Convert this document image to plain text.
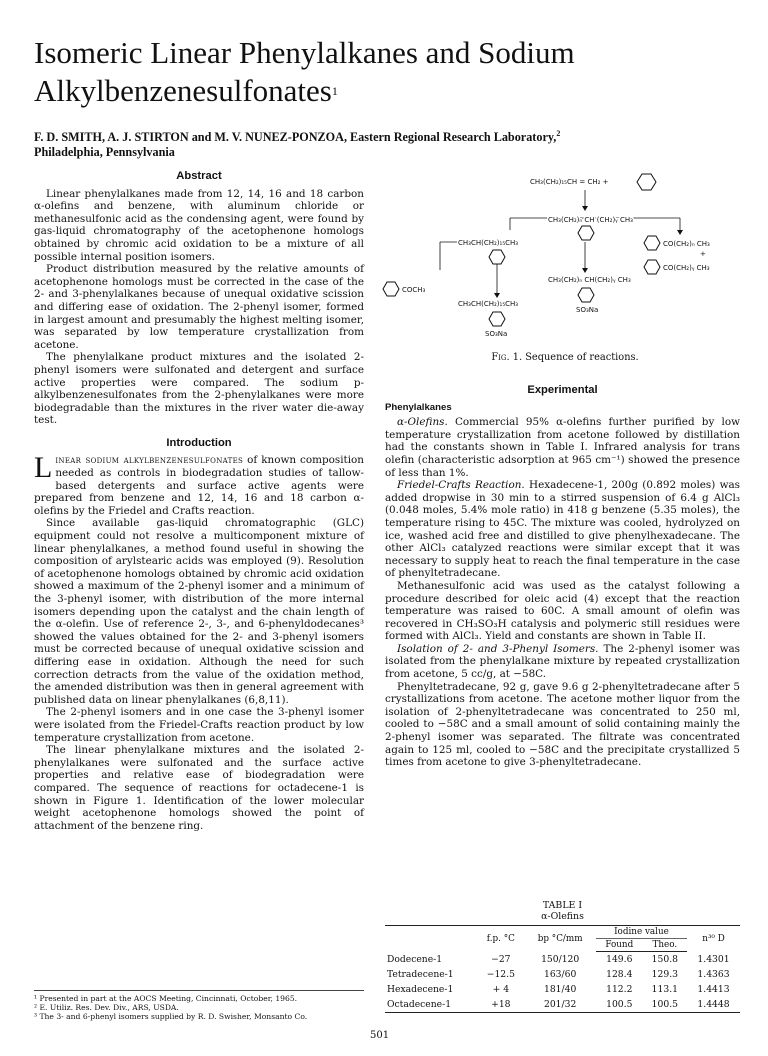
Isomeric Linear Phenylalkanes and Sodium Alkylbenzenesulfonates$^1$
F. D. SMITH, A. J. STIRTON and M. V. NUNEZ-PONZOA, Eastern Regional Research Laboratory,$^2$
Philadelphia, Pennsylvania
Abstract

Linear phenylalkanes made from 12, 14, 16 and 18 carbon α-olefins and benzene, with aluminum chloride or methanesulfonic acid as the condensing agent, were found by gas-liquid chromatography of the acetophenone homologs obtained by chromic acid oxidation to be a mixture of all possible internal position isomers.

Product distribution measured by the relative amounts of acetophenone homologs must be corrected in the case of the 2- and 3-phenylalkanes because of unequal oxidative scission and differing ease of oxidation. The 2-phenyl isomer, formed in largest amount and presumably the highest melting isomer, was separated by low temperature crystallization from acetone.

The phenylalkane product mixtures and the isolated 2-phenyl isomers were sulfonated and detergent and surface active properties were compared. The sodium p-alkylbenzenesulfonates from the 2-phenylalkanes were more biodegradable than the mixtures in the river water die-away test.

Introduction

Linear sodium alkylbenzenesulfonates of known composition needed as controls in biodegradation studies of tallow-based detergents and surface active agents were prepared from benzene and 12, 14, 16 and 18 carbon α-olefins by the Friedel and Crafts reaction.

Since available gas-liquid chromatographic (GLC) equipment could not resolve a multicomponent mixture of linear phenylalkanes, a method found useful in showing the composition of arylstearic acids was employed (9). Resolution of acetophenone homologs obtained by chromic acid oxidation showed a maximum of the 2-phenyl isomer and a minimum of the 3-phenyl isomer, with distribution of the more internal isomers depending upon the catalyst and the chain length of the α-olefin. Use of reference 2-, 3-, and 6-phenyldodecanes³ showed the values obtained for the 2- and 3-phenyl isomers must be corrected because of unequal oxidative scission and differing ease in oxidation. Although the need for such correction detracts from the value of the oxidation method, the amended distribution was then in general agreement with published data on linear phenylalkanes (6,8,11).

The 2-phenyl isomers and in one case the 3-phenyl isomer were isolated from the Friedel-Crafts reaction product by low temperature crystallization from acetone.

The linear phenylalkane mixtures and the isolated 2-phenylalkanes were sulfonated and the surface active properties and relative ease of biodegradation were compared. The sequence of reactions for octadecene-1 is shown in Figure 1. Identification of the lower molecular weight acetophenone homologs showed the point of attachment of the benzene ring.

¹ Presented in part at the AOCS Meeting, Cincinnati, October, 1965.
² E. Utiliz. Res. Dev. Div., ARS, USDA.
³ The 3- and 6-phenyl isomers supplied by R. D. Swisher, Monsanto Co.
CH₃(CH₂)₁₅CH = CH₂ +
CH₃(CH₂)ₙ CH (CH₂)ᵧ CH₃
CH₃CH(CH₂)₁₅CH₃	CO(CH₂)ₙ CH₃
+
CO(CH₂)ᵧ CH₃
COCH₃
CH₃(CH₂)ₙ CH(CH₂)ᵧ CH₃
SO₃Na
CH₃CH(CH₂)₁₅CH₃
SO₃Na
Fig. 1. Sequence of reactions.
Experimental
Phenylalkanes

α-Olefins. Commercial 95% α-olefins further purified by low temperature crystallization from acetone followed by distillation had the constants shown in Table I. Infrared analysis for trans olefin (characteristic adsorption at 965 cm⁻¹) showed the presence of less than 1%.

Friedel-Crafts Reaction. Hexadecene-1, 200g (0.892 moles) was added dropwise in 30 min to a stirred suspension of 6.4 g AlCl₃ (0.048 moles, 5.4% mole ratio) in 418 g benzene (5.35 moles), the temperature rising to 45C. The mixture was cooled, hydrolyzed on ice, washed acid free and distilled to give phenylhexadecane. The other AlCl₃ catalyzed reactions were similar except that it was necessary to supply heat to reach the final temperature in the case of phenyltetradecane.

Methanesulfonic acid was used as the catalyst following a procedure described for oleic acid (4) except that the reaction temperature was raised to 60C. A small amount of olefin was recovered in CH₃SO₃H catalysis and polymeric still residues were formed with AlCl₃. Yield and constants are shown in Table II.

Isolation of 2- and 3-Phenyl Isomers. The 2-phenyl isomer was isolated from the phenylalkane mixture by repeated crystallization from acetone, 5 cc/g, at −58C.

Phenyltetradecane, 92 g, gave 9.6 g 2-phenyltetradecane after 5 crystallizations from acetone. The acetone mother liquor from the isolation of 2-phenyltetradecane was concentrated to 250 ml, cooled to −58C and a small amount of solid containing mainly the 2-phenyl isomer was separated. The filtrate was concentrated again to 125 ml, cooled to −58C and the precipitate crystallized 5 times from acetone to give 3-phenyltetradecane.

TABLE I
α-Olefins
	f.p. °C	bp °C/mm	Iodine value		n³⁰ D
			Found	Theo.	
Dodecene-1	−27	150/120	149.6	150.8	1.4301
Tetradecene-1	−12.5	163/60	128.4	129.3	1.4363
Hexadecene-1	+ 4	181/40	112.2	113.1	1.4413
Octadecene-1	+18	201/32	100.5	100.5	1.4448
501
